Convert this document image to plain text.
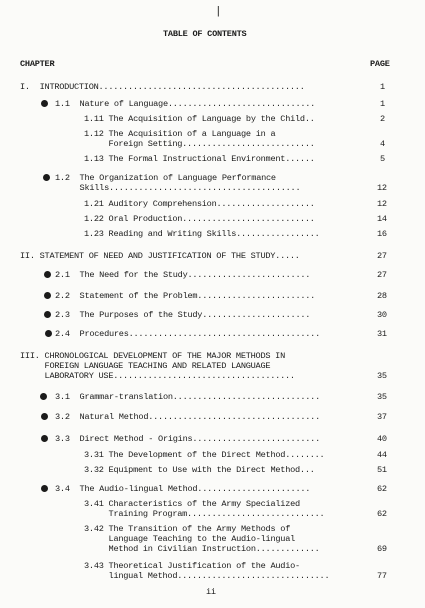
|
TABLE OF CONTENTS
CHAPTER	PAGE
I.  INTRODUCTION..........................................	1
1.1  Nature of Language..............................	1
1.11 The Acquisition of Language by the Child..	2
1.12 The Acquisition of a Language in a
Foreign Setting...........................	4
1.13 The Formal Instructional Environment......	5
1.2  The Organization of Language Performance
Skills.......................................	12
1.21 Auditory Comprehension....................	12
1.22 Oral Production...........................	14
1.23 Reading and Writing Skills.................	16
II. STATEMENT OF NEED AND JUSTIFICATION OF THE STUDY.....	27
2.1  The Need for the Study.........................	27
2.2  Statement of the Problem........................	28
2.3  The Purposes of the Study......................	30
2.4  Procedures.......................................	31
III. CHRONOLOGICAL DEVELOPMENT OF THE MAJOR METHODS IN
FOREIGN LANGUAGE TEACHING AND RELATED LANGUAGE
LABORATORY USE.....................................	35
3.1  Grammar-translation..............................	35
3.2  Natural Method...................................	37
3.3  Direct Method - Origins..........................	40
3.31 The Development of the Direct Method........	44
3.32 Equipment to Use with the Direct Method...	51
3.4  The Audio-lingual Method.......................	62
3.41 Characteristics of the Army Specialized
Training Program............................	62
3.42 The Transition of the Army Methods of
Language Teaching to the Audio-lingual
Method in Civilian Instruction.............	69
3.43 Theoretical Justification of the Audio-
lingual Method...............................	77
ii
